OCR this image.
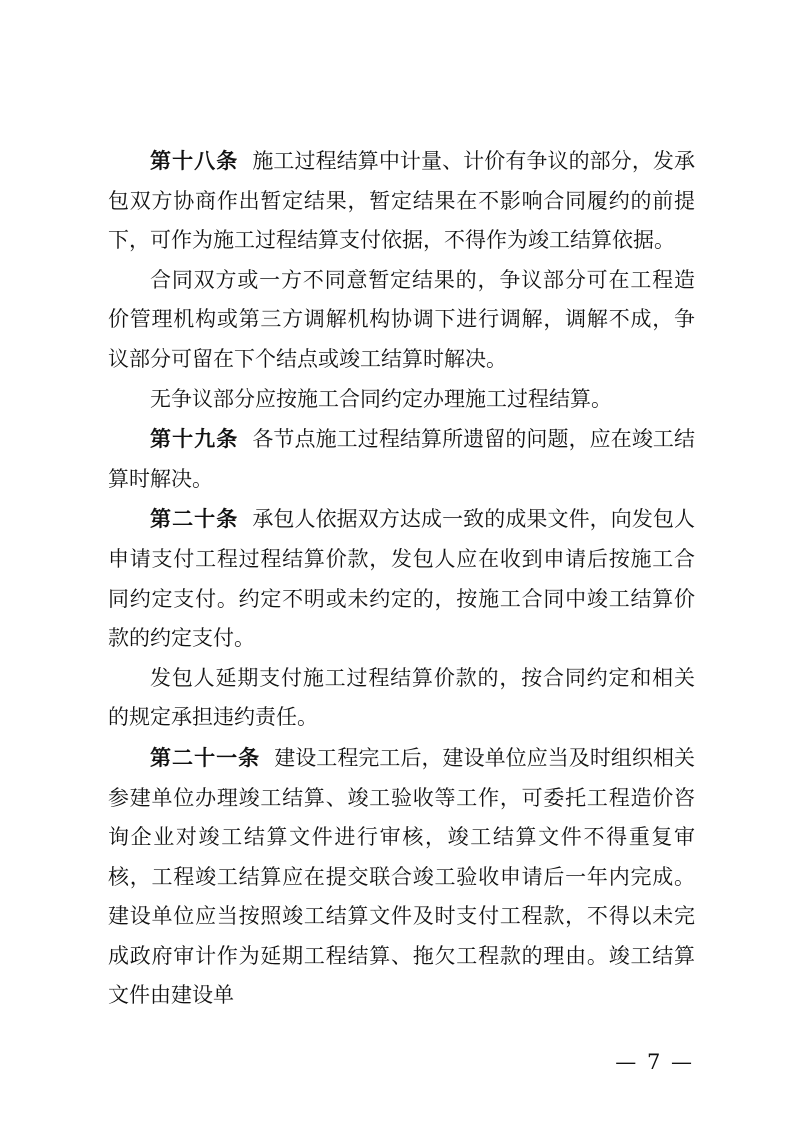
第十八条 施工过程结算中计量、计价有争议的部分，发承包双方协商作出暂定结果，暂定结果在不影响合同履约的前提下，可作为施工过程结算支付依据，不得作为竣工结算依据。

合同双方或一方不同意暂定结果的，争议部分可在工程造价管理机构或第三方调解机构协调下进行调解，调解不成，争议部分可留在下个结点或竣工结算时解决。

无争议部分应按施工合同约定办理施工过程结算。

第十九条 各节点施工过程结算所遗留的问题，应在竣工结算时解决。

第二十条 承包人依据双方达成一致的成果文件，向发包人申请支付工程过程结算价款，发包人应在收到申请后按施工合同约定支付。约定不明或未约定的，按施工合同中竣工结算价款的约定支付。

发包人延期支付施工过程结算价款的，按合同约定和相关的规定承担违约责任。

第二十一条 建设工程完工后，建设单位应当及时组织相关参建单位办理竣工结算、竣工验收等工作，可委托工程造价咨询企业对竣工结算文件进行审核，竣工结算文件不得重复审核，工程竣工结算应在提交联合竣工验收申请后一年内完成。建设单位应当按照竣工结算文件及时支付工程款，不得以未完成政府审计作为延期工程结算、拖欠工程款的理由。竣工结算文件由建设单

— 7 —
